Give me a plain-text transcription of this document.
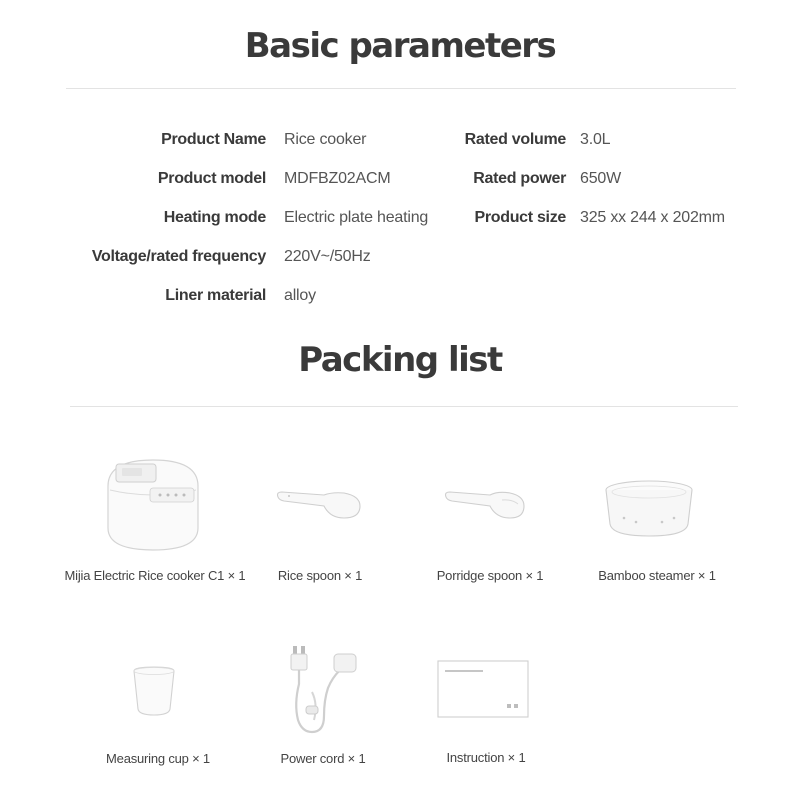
Basic parameters
Product Name Rice cooker
Product model MDFBZ02ACM
Heating mode Electric plate heating
Voltage/rated frequency 220V~/50Hz
Liner material alloy
Rated volume 3.0L
Rated power 650W
Product size 325 xx 244 x 202mm
Packing list
Mijia Electric Rice cooker C1 × 1	Rice spoon × 1	Porridge spoon × 1	Bamboo steamer × 1
Measuring cup × 1	Power cord × 1	Instruction × 1
